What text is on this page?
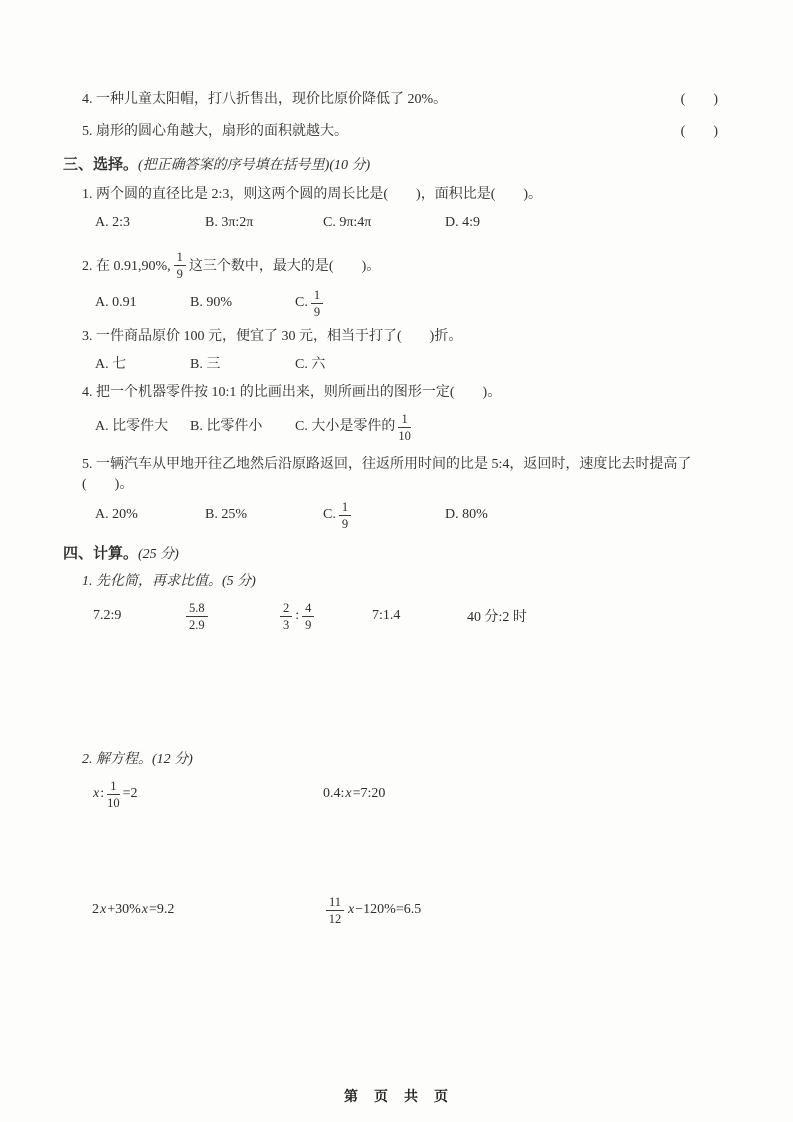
4. 一种儿童太阳帽，打八折售出，现价比原价降低了 20%。	(　　)
5. 扇形的圆心角越大，扇形的面积就越大。	(　　)
三、选择。(把正确答案的序号填在括号里)(10 分)
1. 两个圆的直径比是 2:3，则这两个圆的周长比是(　　)，面积比是(　　)。
A. 2:3	B. 3π:2π	C. 9π:4π	D. 4:9
2. 在 0.91,90%, $\frac{1}{9}$ 这三个数中，最大的是(　　)。
A. 0.91	B. 90%	C. $\frac{1}{9}$
3. 一件商品原价 100 元，便宜了 30 元，相当于打了(　　)折。
A. 七	B. 三	C. 六
4. 把一个机器零件按 10:1 的比画出来，则所画出的图形一定(　　)。
A. 比零件大	B. 比零件小	C. 大小是零件的 $\frac{1}{10}$
5. 一辆汽车从甲地开往乙地然后沿原路返回，往返所用时间的比是 5:4，返回时，速度比去时提高了(　　)。
A. 20%	B. 25%	C. $\frac{1}{9}$	D. 80%
四、计算。(25 分)
1. 先化简，再求比值。(5 分)
7.2:9	$\frac{5.8}{2.9}$	$\frac{2}{3}$ : $\frac{4}{9}$	7:1.4	40 分:2 时
2. 解方程。(12 分)
x : $\frac{1}{10} =2$	0.4: x =7:20
2 x +30% x =9.2	$\frac{11}{12}$ x −120%=6.5
第　页　共　页
